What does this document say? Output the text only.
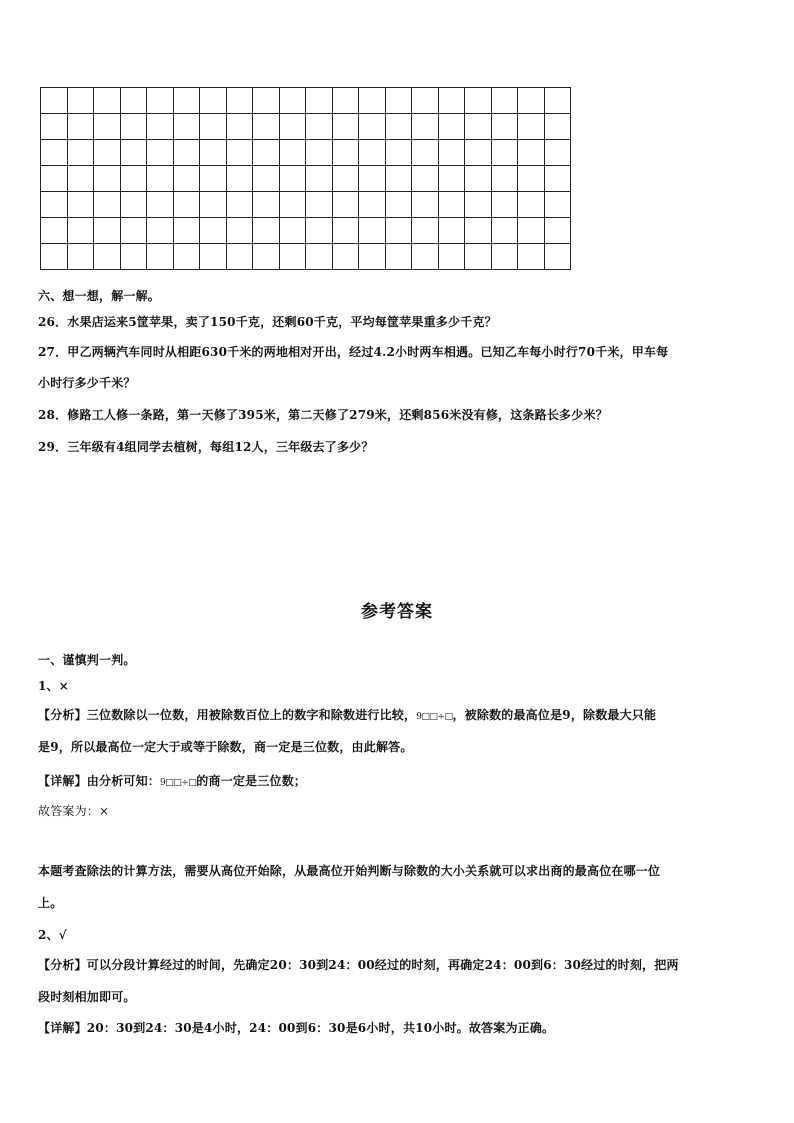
六、想一想，解一解。
26．水果店运来5筐苹果，卖了150千克，还剩60千克，平均每筐苹果重多少千克？
27．甲乙两辆汽车同时从相距630千米的两地相对开出，经过4.2小时两车相遇。已知乙车每小时行70千米，甲车每
小时行多少千米？
28．修路工人修一条路，第一天修了395米，第二天修了279米，还剩856米没有修，这条路长多少米？
29．三年级有4组同学去植树，每组12人，三年级去了多少？
参考答案
一、谨慎判一判。
1、×
【分析】三位数除以一位数，用被除数百位上的数字和除数进行比较，9□□÷□，被除数的最高位是9，除数最大只能
是9，所以最高位一定大于或等于除数，商一定是三位数，由此解答。
【详解】由分析可知：9□□÷□的商一定是三位数；
故答案为：×
本题考查除法的计算方法，需要从高位开始除，从最高位开始判断与除数的大小关系就可以求出商的最高位在哪一位
上。
2、√
【分析】可以分段计算经过的时间，先确定20：30到24：00经过的时刻，再确定24：00到6：30经过的时刻，把两
段时刻相加即可。
【详解】20：30到24：30是4小时，24：00到6：30是6小时，共10小时。故答案为正确。
